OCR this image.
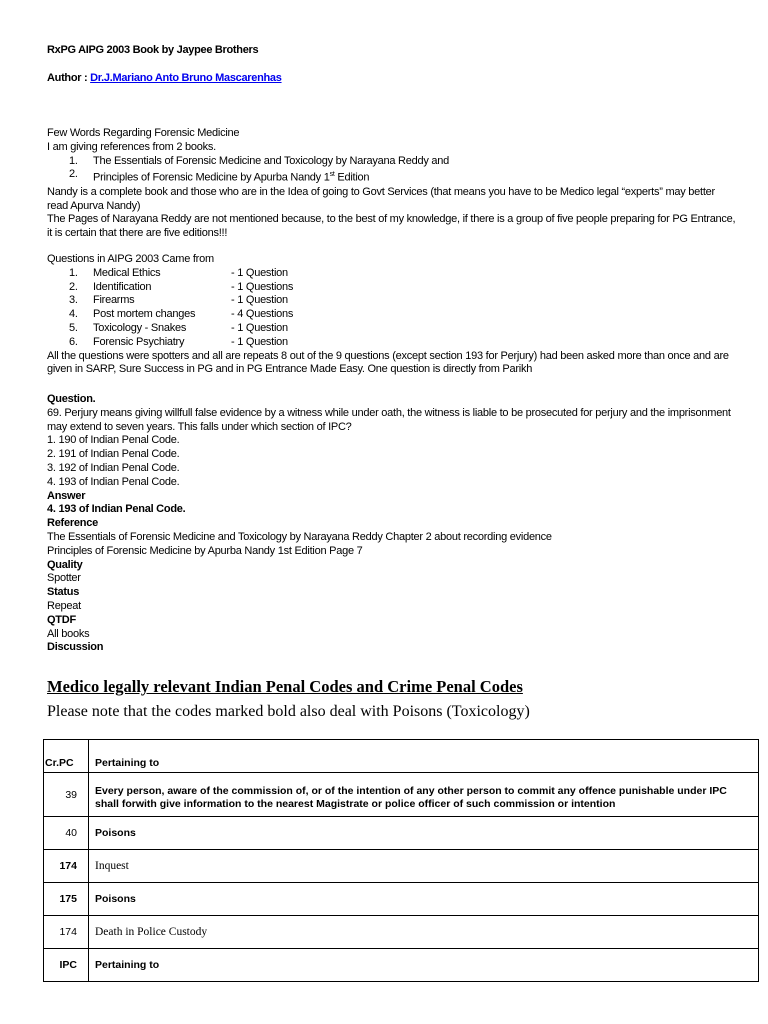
RxPG AIPG 2003 Book by Jaypee Brothers
Author : Dr.J.Mariano Anto Bruno Mascarenhas
Few Words Regarding Forensic Medicine
I am giving references from 2 books.
1. The Essentials of Forensic Medicine and Toxicology by Narayana Reddy and
2. Principles of Forensic Medicine by Apurba Nandy 1st Edition
Nandy is a complete book and those who are in the Idea of going to Govt Services (that means you have to be Medico legal “experts” may better read Apurva Nandy)
The Pages of Narayana Reddy are not mentioned because, to the best of my knowledge, if there is a group of five people preparing for PG Entrance, it is certain that there are five editions!!!
Questions in AIPG 2003 Came from
1. Medical Ethics	- 1 Question
2. Identification	- 1 Questions
3. Firearms	- 1 Question
4. Post mortem changes	- 4 Questions
5. Toxicology - Snakes	- 1 Question
6. Forensic Psychiatry	- 1 Question
All the questions were spotters and all are repeats 8 out of the 9 questions (except section 193 for Perjury) had been asked more than once and are given in SARP, Sure Success in PG and in PG Entrance Made Easy. One question is directly from Parikh
Question.
69. Perjury means giving willfull false evidence by a witness while under oath, the witness is liable to be prosecuted for perjury and the imprisonment may extend to seven years. This falls under which section of IPC?
1. 190 of Indian Penal Code.
2. 191 of Indian Penal Code.
3. 192 of Indian Penal Code.
4. 193 of Indian Penal Code.
Answer
4. 193 of Indian Penal Code.
Reference
The Essentials of Forensic Medicine and Toxicology by Narayana Reddy Chapter 2 about recording evidence
Principles of Forensic Medicine by Apurba Nandy 1st Edition Page 7
Quality
Spotter
Status
Repeat
QTDF
All books
Discussion
Medico legally relevant Indian Penal Codes and Crime Penal Codes
Please note that the codes marked bold also deal with Poisons (Toxicology)
Cr.PC	Pertaining to
39	Every person, aware of the commission of, or of the intention of any other person to commit any offence punishable under IPC shall forwith give information to the nearest Magistrate or police officer of such commission or intention
40	Poisons
174	Inquest
175	Poisons
174	Death in Police Custody
IPC	Pertaining to
